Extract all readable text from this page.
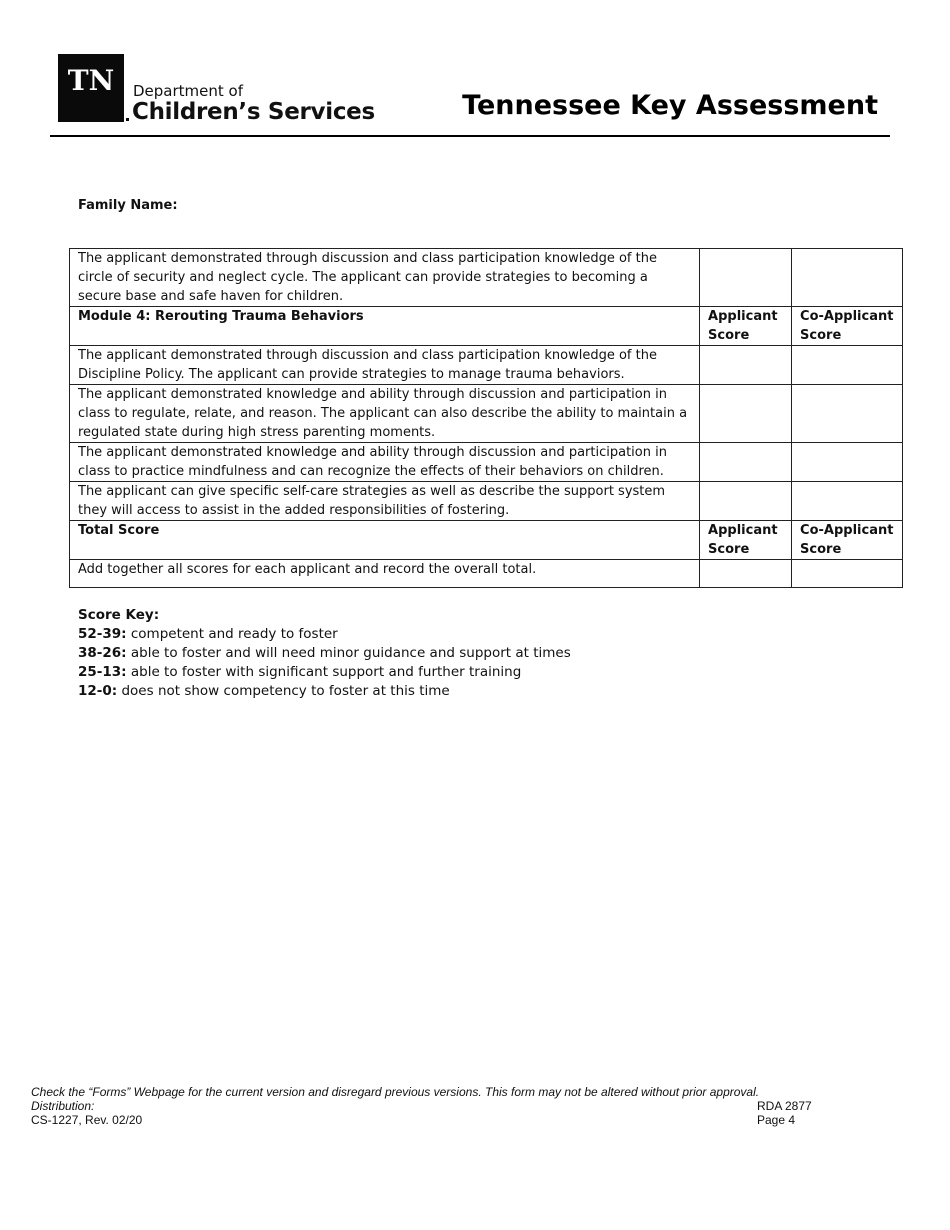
TN Department of
Children’s Services	Tennessee Key Assessment
Family Name:
The applicant demonstrated through discussion and class participation knowledge of the circle of security and neglect cycle. The applicant can provide strategies to becoming a secure base and safe haven for children.		
Module 4: Rerouting Trauma Behaviors	Applicant Score	Co-Applicant Score
The applicant demonstrated through discussion and class participation knowledge of the Discipline Policy. The applicant can provide strategies to manage trauma behaviors.		
The applicant demonstrated knowledge and ability through discussion and participation in class to regulate, relate, and reason. The applicant can also describe the ability to maintain a regulated state during high stress parenting moments.		
The applicant demonstrated knowledge and ability through discussion and participation in class to practice mindfulness and can recognize the effects of their behaviors on children.		
The applicant can give specific self-care strategies as well as describe the support system they will access to assist in the added responsibilities of fostering.		
Total Score	Applicant Score	Co-Applicant Score
Add together all scores for each applicant and record the overall total.		
Score Key:
52-39: competent and ready to foster
38-26: able to foster and will need minor guidance and support at times
25-13: able to foster with significant support and further training
12-0: does not show competency to foster at this time
Check the “Forms” Webpage for the current version and disregard previous versions. This form may not be altered without prior approval.
Distribution:
CS-1227, Rev. 02/20
RDA 2877
Page 4
